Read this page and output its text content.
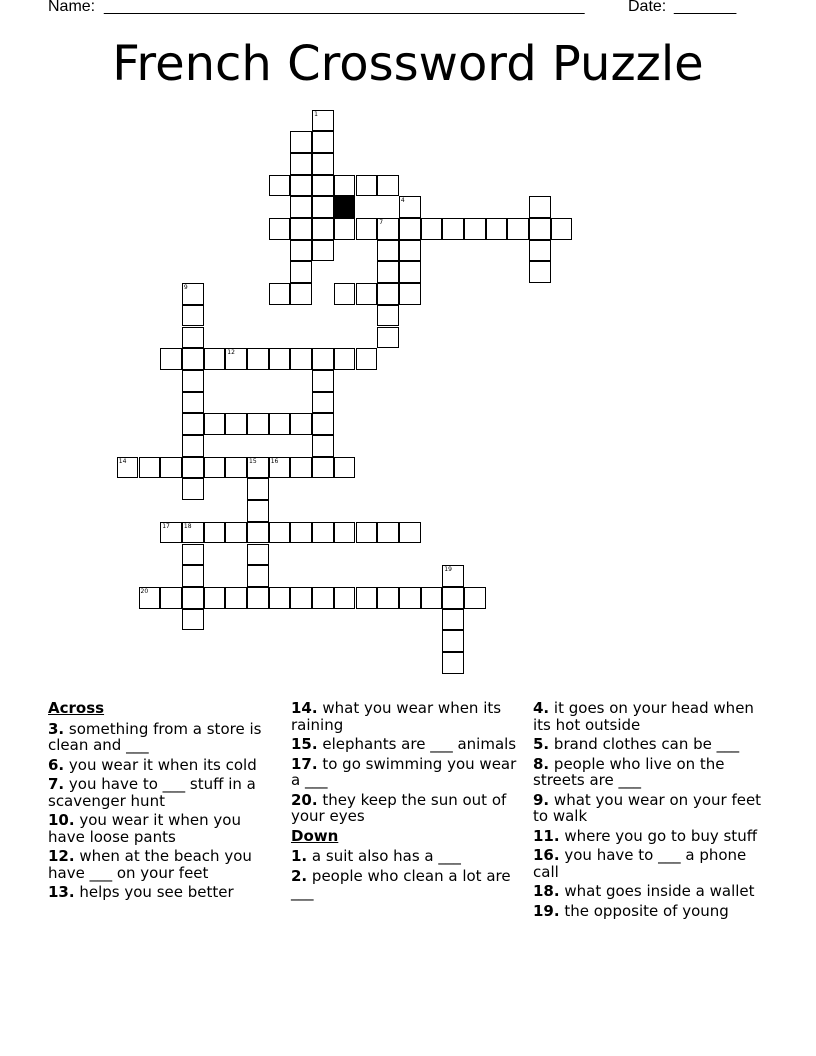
Name: ______________________________________________________	Date: _______
French Crossword Puzzle
1
7
4
9
12
14	15 16
17 18
20
19
Across
3. something from a store is clean and ___
6. you wear it when its cold
7. you have to ___ stuff in a scavenger hunt
10. you wear it when you have loose pants
12. when at the beach you have ___ on your feet
13. helps you see better
14. what you wear when its raining
15. elephants are ___ animals
17. to go swimming you wear a ___
20. they keep the sun out of your eyes
Down
1. a suit also has a ___
2. people who clean a lot are ___
4. it goes on your head when its hot outside
5. brand clothes can be ___
8. people who live on the streets are ___
9. what you wear on your feet to walk
11. where you go to buy stuff
16. you have to ___ a phone call
18. what goes inside a wallet
19. the opposite of young
